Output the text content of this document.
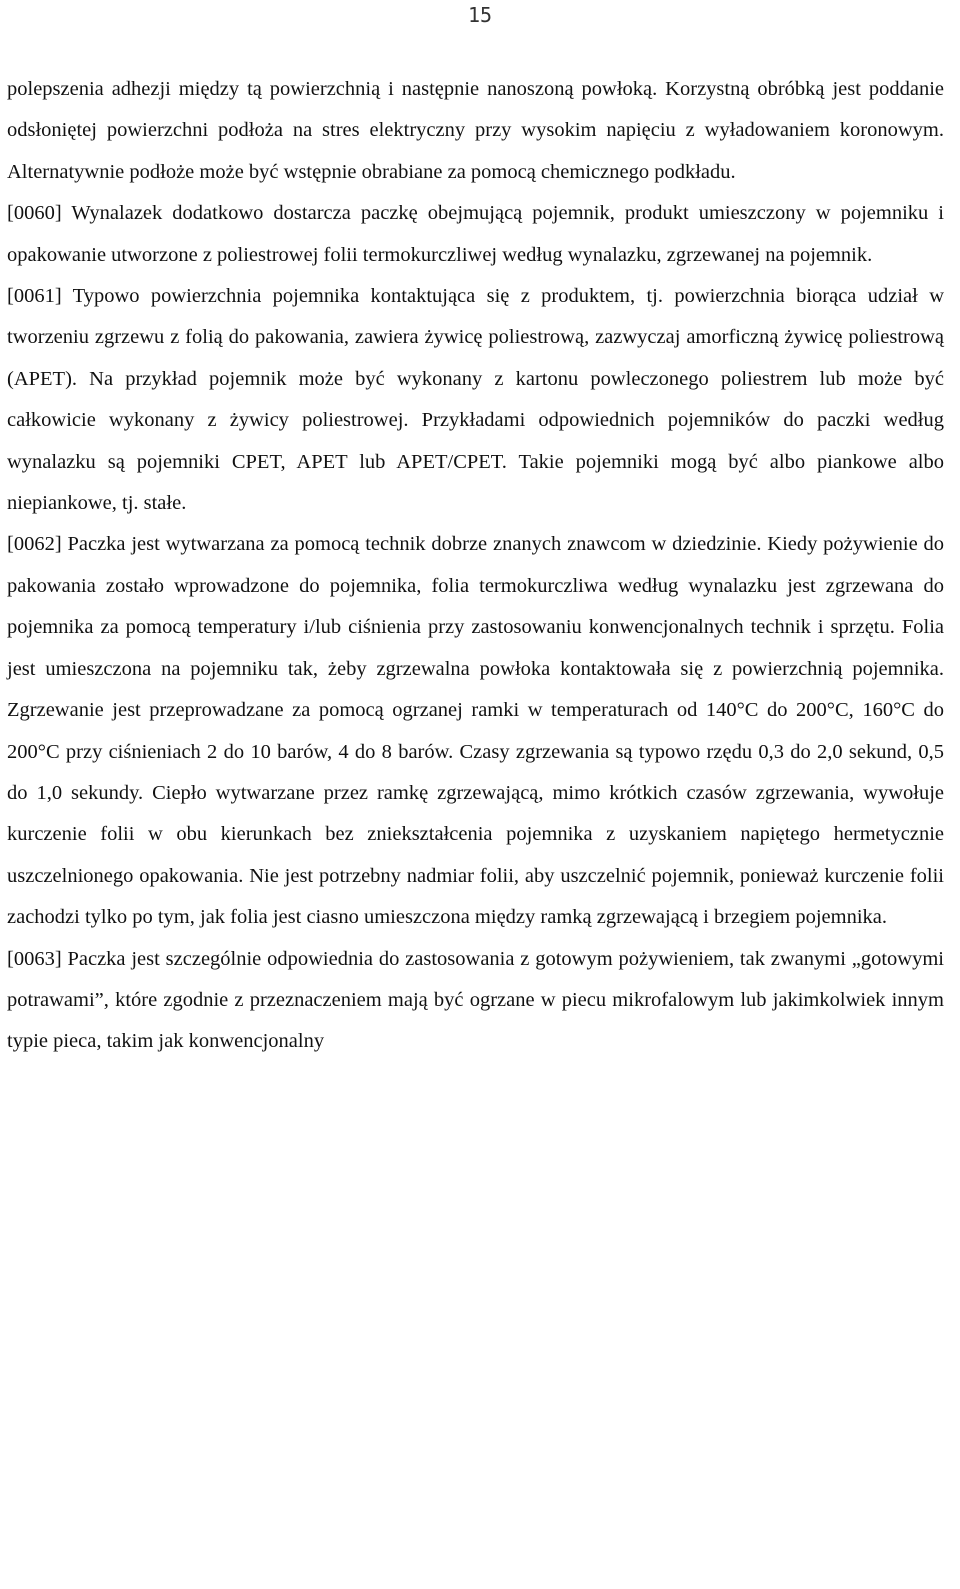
15

polepszenia adhezji między tą powierzchnią i następnie nanoszoną powłoką. Korzystną obróbką jest poddanie odsłoniętej powierzchni podłoża na stres elektryczny przy wysokim napięciu z wyładowaniem koronowym. Alternatywnie podłoże może być wstępnie obrabiane za pomocą chemicznego podkładu.

[0060] Wynalazek dodatkowo dostarcza paczkę obejmującą pojemnik, produkt umieszczony w pojemniku i opakowanie utworzone z poliestrowej folii termokurczliwej według wynalazku, zgrzewanej na pojemnik.

[0061] Typowo powierzchnia pojemnika kontaktująca się z produktem, tj. powierzchnia biorąca udział w tworzeniu zgrzewu z folią do pakowania, zawiera żywicę poliestrową, zazwyczaj amorficzną żywicę poliestrową (APET). Na przykład pojemnik może być wykonany z kartonu powleczonego poliestrem lub może być całkowicie wykonany z żywicy poliestrowej. Przykładami odpowiednich pojemników do paczki według wynalazku są pojemniki CPET, APET lub APET/CPET. Takie pojemniki mogą być albo piankowe albo niepiankowe, tj. stałe.

[0062] Paczka jest wytwarzana za pomocą technik dobrze znanych znawcom w dziedzinie. Kiedy pożywienie do pakowania zostało wprowadzone do pojemnika, folia termokurczliwa według wynalazku jest zgrzewana do pojemnika za pomocą temperatury i/lub ciśnienia przy zastosowaniu konwencjonalnych technik i sprzętu. Folia jest umieszczona na pojemniku tak, żeby zgrzewalna powłoka kontaktowała się z powierzchnią pojemnika. Zgrzewanie jest przeprowadzane za pomocą ogrzanej ramki w temperaturach od 140°C do 200°C, 160°C do 200°C przy ciśnieniach 2 do 10 barów, 4 do 8 barów. Czasy zgrzewania są typowo rzędu 0,3 do 2,0 sekund, 0,5 do 1,0 sekundy. Ciepło wytwarzane przez ramkę zgrzewającą, mimo krótkich czasów zgrzewania, wywołuje kurczenie folii w obu kierunkach bez zniekształcenia pojemnika z uzyskaniem napiętego hermetycznie uszczelnionego opakowania. Nie jest potrzebny nadmiar folii, aby uszczelnić pojemnik, ponieważ kurczenie folii zachodzi tylko po tym, jak folia jest ciasno umieszczona między ramką zgrzewającą i brzegiem pojemnika.

[0063] Paczka jest szczególnie odpowiednia do zastosowania z gotowym pożywieniem, tak zwanymi „gotowymi potrawami”, które zgodnie z przeznaczeniem mają być ogrzane w piecu mikrofalowym lub jakimkolwiek innym typie pieca, takim jak konwencjonalny
